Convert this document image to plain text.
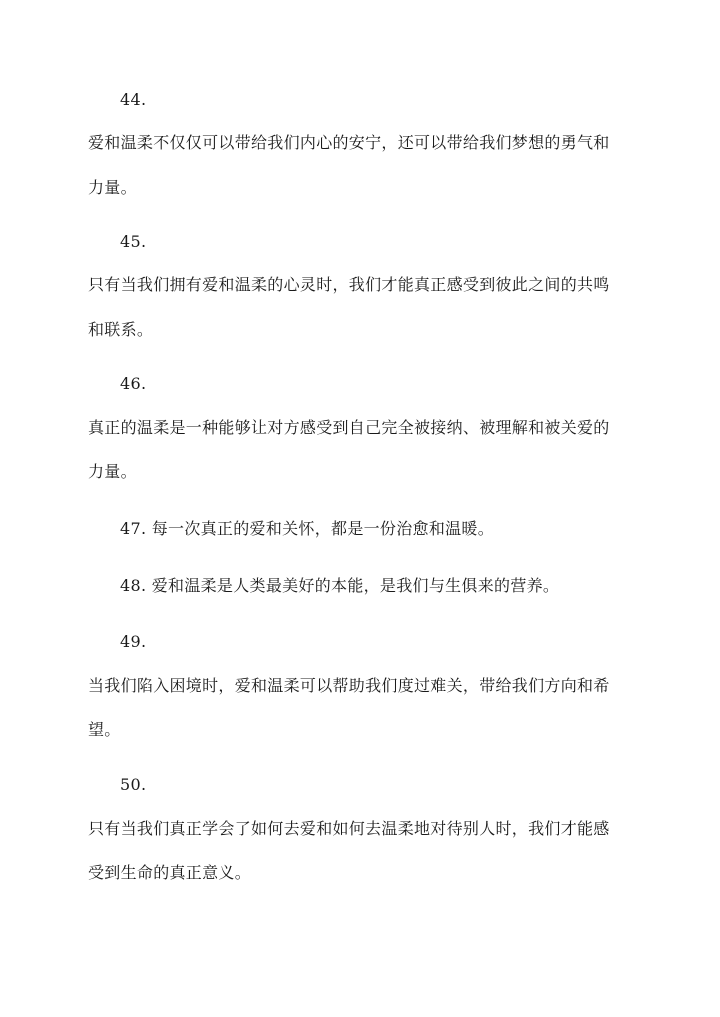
44.
爱和温柔不仅仅可以带给我们内心的安宁，还可以带给我们梦想的勇气和
力量。
45.
只有当我们拥有爱和温柔的心灵时，我们才能真正感受到彼此之间的共鸣
和联系。
46.
真正的温柔是一种能够让对方感受到自己完全被接纳、被理解和被关爱的
力量。
47. 每一次真正的爱和关怀，都是一份治愈和温暖。
48. 爱和温柔是人类最美好的本能，是我们与生俱来的营养。
49.
当我们陷入困境时，爱和温柔可以帮助我们度过难关，带给我们方向和希
望。
50.
只有当我们真正学会了如何去爱和如何去温柔地对待别人时，我们才能感
受到生命的真正意义。
